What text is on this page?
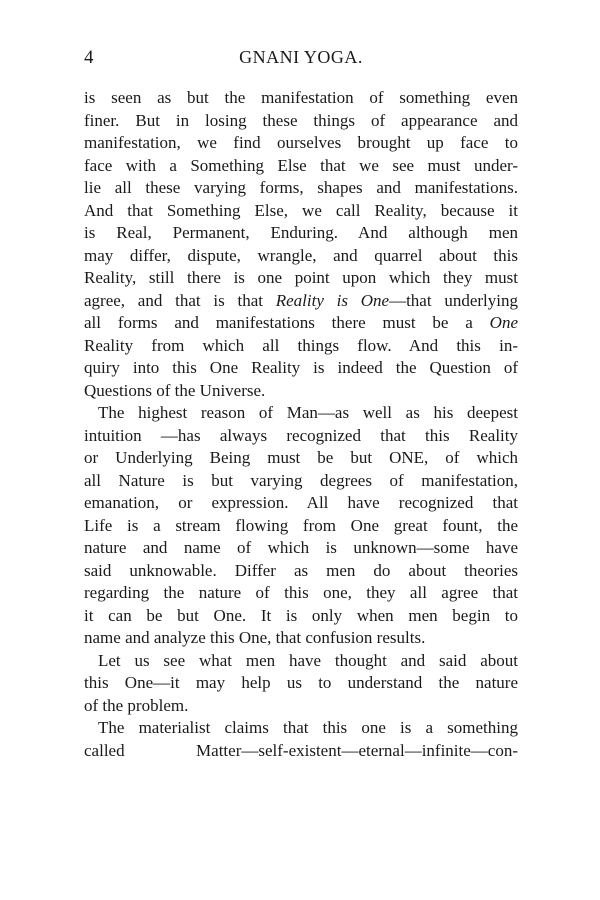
4	GNANI YOGA.
is seen as but the manifestation of something even
finer. But in losing these things of appearance and
manifestation, we find ourselves brought up face to
face with a Something Else that we see must under-
lie all these varying forms, shapes and manifestations.
And that Something Else, we call Reality, because it
is Real, Permanent, Enduring. And although men
may differ, dispute, wrangle, and quarrel about this
Reality, still there is one point upon which they must
agree, and that is that Reality is One—that underlying
all forms and manifestations there must be a One
Reality from which all things flow. And this in-
quiry into this One Reality is indeed the Question of
Questions of the Universe.
The highest reason of Man—as well as his deepest
intuition —has always recognized that this Reality
or Underlying Being must be but ONE, of which
all Nature is but varying degrees of manifestation,
emanation, or expression. All have recognized that
Life is a stream flowing from One great fount, the
nature and name of which is unknown—some have
said unknowable. Differ as men do about theories
regarding the nature of this one, they all agree that
it can be but One. It is only when men begin to
name and analyze this One, that confusion results.
Let us see what men have thought and said about
this One—it may help us to understand the nature
of the problem.
The materialist claims that this one is a something
called Matter—self-existent—eternal—infinite—con-
